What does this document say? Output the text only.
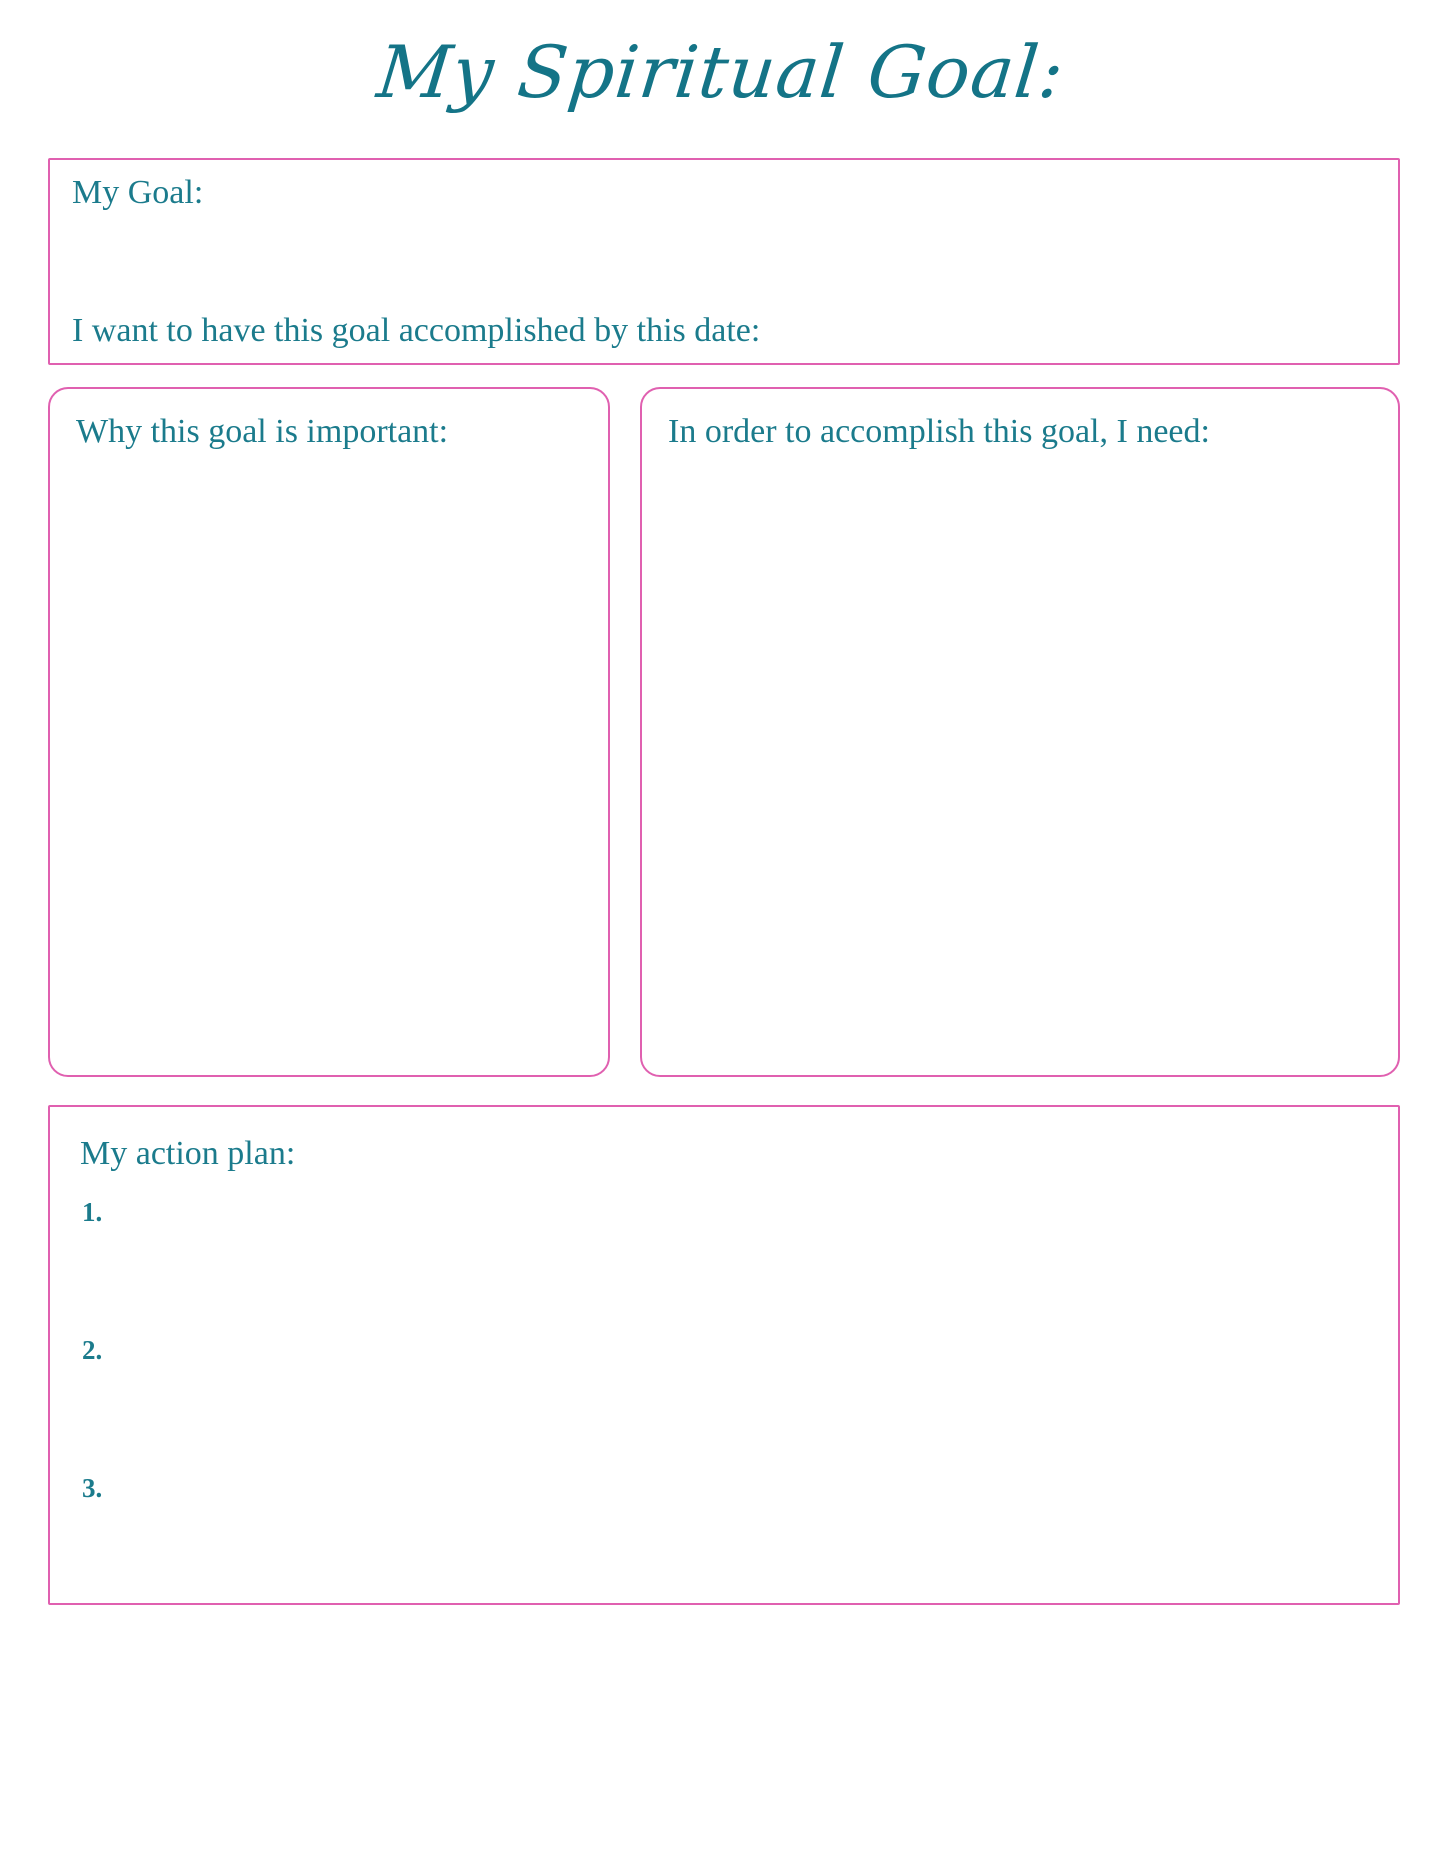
My Spiritual Goal:
My Goal:
I want to have this goal accomplished by this date:
Why this goal is important:	In order to accomplish this goal, I need:
My action plan:
1.
2.
3.
